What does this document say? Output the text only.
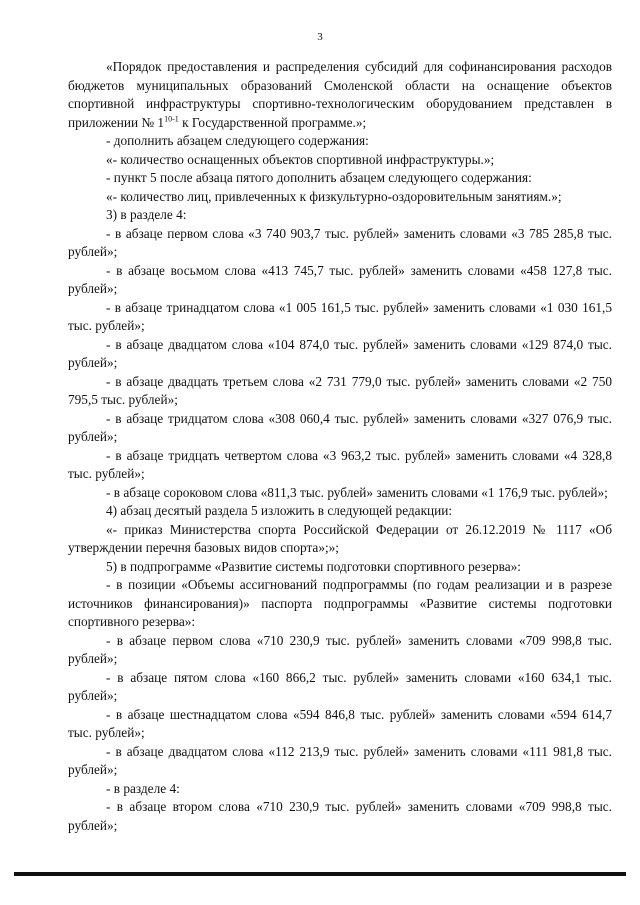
3

«Порядок предоставления и распределения субсидий для софинансирования расходов бюджетов муниципальных образований Смоленской области на оснащение объектов спортивной инфраструктуры спортивно-технологическим оборудованием представлен в приложении № 1$^{10-1}$ к Государственной программе.»;

- дополнить абзацем следующего содержания:

«- количество оснащенных объектов спортивной инфраструктуры.»;

- пункт 5 после абзаца пятого дополнить абзацем следующего содержания:

«- количество лиц, привлеченных к физкультурно-оздоровительным занятиям.»;

3) в разделе 4:

- в абзаце первом слова «3 740 903,7 тыс. рублей» заменить словами «3 785 285,8 тыс. рублей»;

- в абзаце восьмом слова «413 745,7 тыс. рублей» заменить словами «458 127,8 тыс. рублей»;

- в абзаце тринадцатом слова «1 005 161,5 тыс. рублей» заменить словами «1 030 161,5 тыс. рублей»;

- в абзаце двадцатом слова «104 874,0 тыс. рублей» заменить словами «129 874,0 тыс. рублей»;

- в абзаце двадцать третьем слова «2 731 779,0 тыс. рублей» заменить словами «2 750 795,5 тыс. рублей»;

- в абзаце тридцатом слова «308 060,4 тыс. рублей» заменить словами «327 076,9 тыс. рублей»;

- в абзаце тридцать четвертом слова «3 963,2 тыс. рублей» заменить словами «4 328,8 тыс. рублей»;

- в абзаце сороковом слова «811,3 тыс. рублей» заменить словами «1 176,9 тыс. рублей»;

4) абзац десятый раздела 5 изложить в следующей редакции:

«- приказ Министерства спорта Российской Федерации от 26.12.2019 № 1117 «Об утверждении перечня базовых видов спорта»;»;

5) в подпрограмме «Развитие системы подготовки спортивного резерва»:

- в позиции «Объемы ассигнований подпрограммы (по годам реализации и в разрезе источников финансирования)» паспорта подпрограммы «Развитие системы подготовки спортивного резерва»:

- в абзаце первом слова «710 230,9 тыс. рублей» заменить словами «709 998,8 тыс. рублей»;

- в абзаце пятом слова «160 866,2 тыс. рублей» заменить словами «160 634,1 тыс. рублей»;

- в абзаце шестнадцатом слова «594 846,8 тыс. рублей» заменить словами «594 614,7 тыс. рублей»;

- в абзаце двадцатом слова «112 213,9 тыс. рублей» заменить словами «111 981,8 тыс. рублей»;

- в разделе 4:

- в абзаце втором слова «710 230,9 тыс. рублей» заменить словами «709 998,8 тыс. рублей»;
